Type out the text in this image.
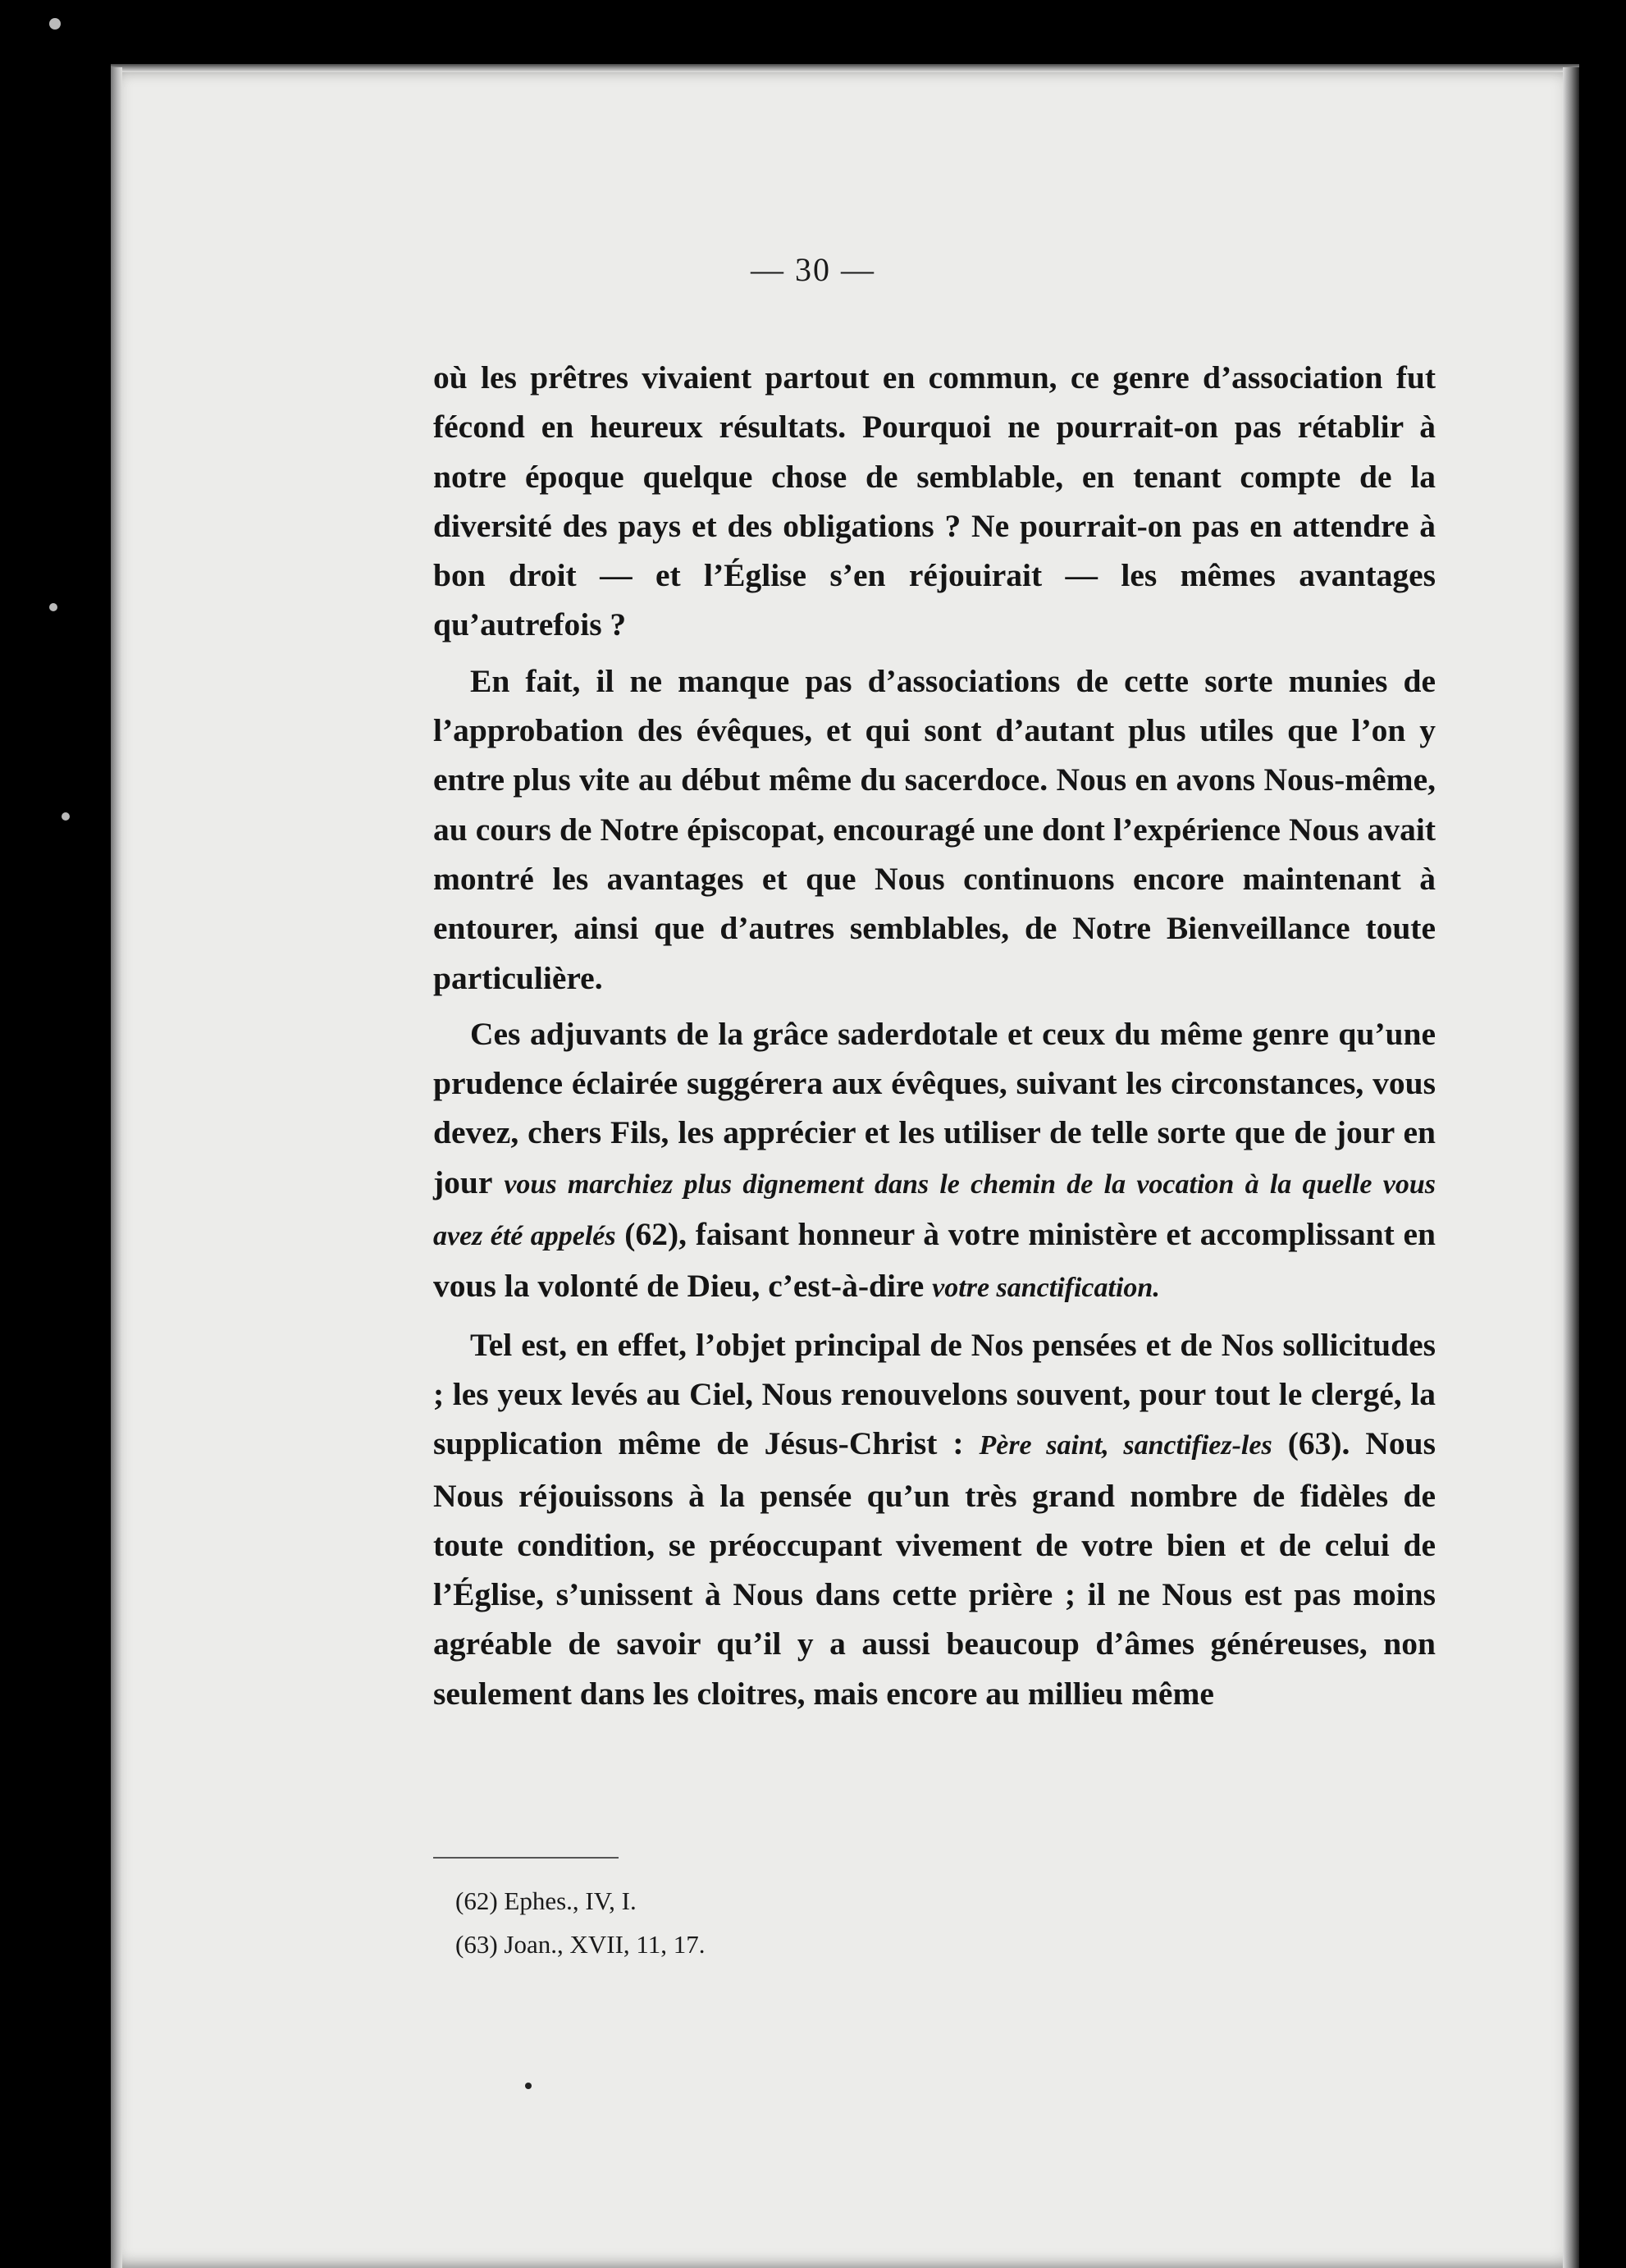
— 30 —

où les prêtres vivaient partout en commun, ce genre d’association fut fécond en heureux résultats. Pourquoi ne pourrait-on pas rétablir à notre époque quelque chose de semblable, en tenant compte de la diversité des pays et des obligations ? Ne pourrait-on pas en attendre à bon droit — et l’Église s’en réjouirait — les mêmes avantages qu’autrefois ?

En fait, il ne manque pas d’associations de cette sorte munies de l’approbation des évêques, et qui sont d’autant plus utiles que l’on y entre plus vite au début même du sacerdoce. Nous en avons Nous-même, au cours de Notre épiscopat, encouragé une dont l’expérience Nous avait montré les avantages et que Nous continuons encore maintenant à entourer, ainsi que d’autres semblables, de Notre Bienveillance toute particulière.

Ces adjuvants de la grâce saderdotale et ceux du même genre qu’une prudence éclairée suggérera aux évêques, suivant les circonstances, vous devez, chers Fils, les apprécier et les utiliser de telle sorte que de jour en jour vous marchiez plus dignement dans le chemin de la vocation à la quelle vous avez été appelés (62), faisant honneur à votre ministère et accomplissant en vous la volonté de Dieu, c’est-à-dire votre sanctification.

Tel est, en effet, l’objet principal de Nos pensées et de Nos sollicitudes ; les yeux levés au Ciel, Nous renouvelons souvent, pour tout le clergé, la supplication même de Jésus-Christ : Père saint, sanctifiez-les (63). Nous Nous réjouissons à la pensée qu’un très grand nombre de fidèles de toute condition, se préoccupant vivement de votre bien et de celui de l’Église, s’unissent à Nous dans cette prière ; il ne Nous est pas moins agréable de savoir qu’il y a aussi beaucoup d’âmes généreuses, non seulement dans les cloitres, mais encore au millieu même

(62) Ephes., IV, I.
(63) Joan., XVII, 11, 17.
